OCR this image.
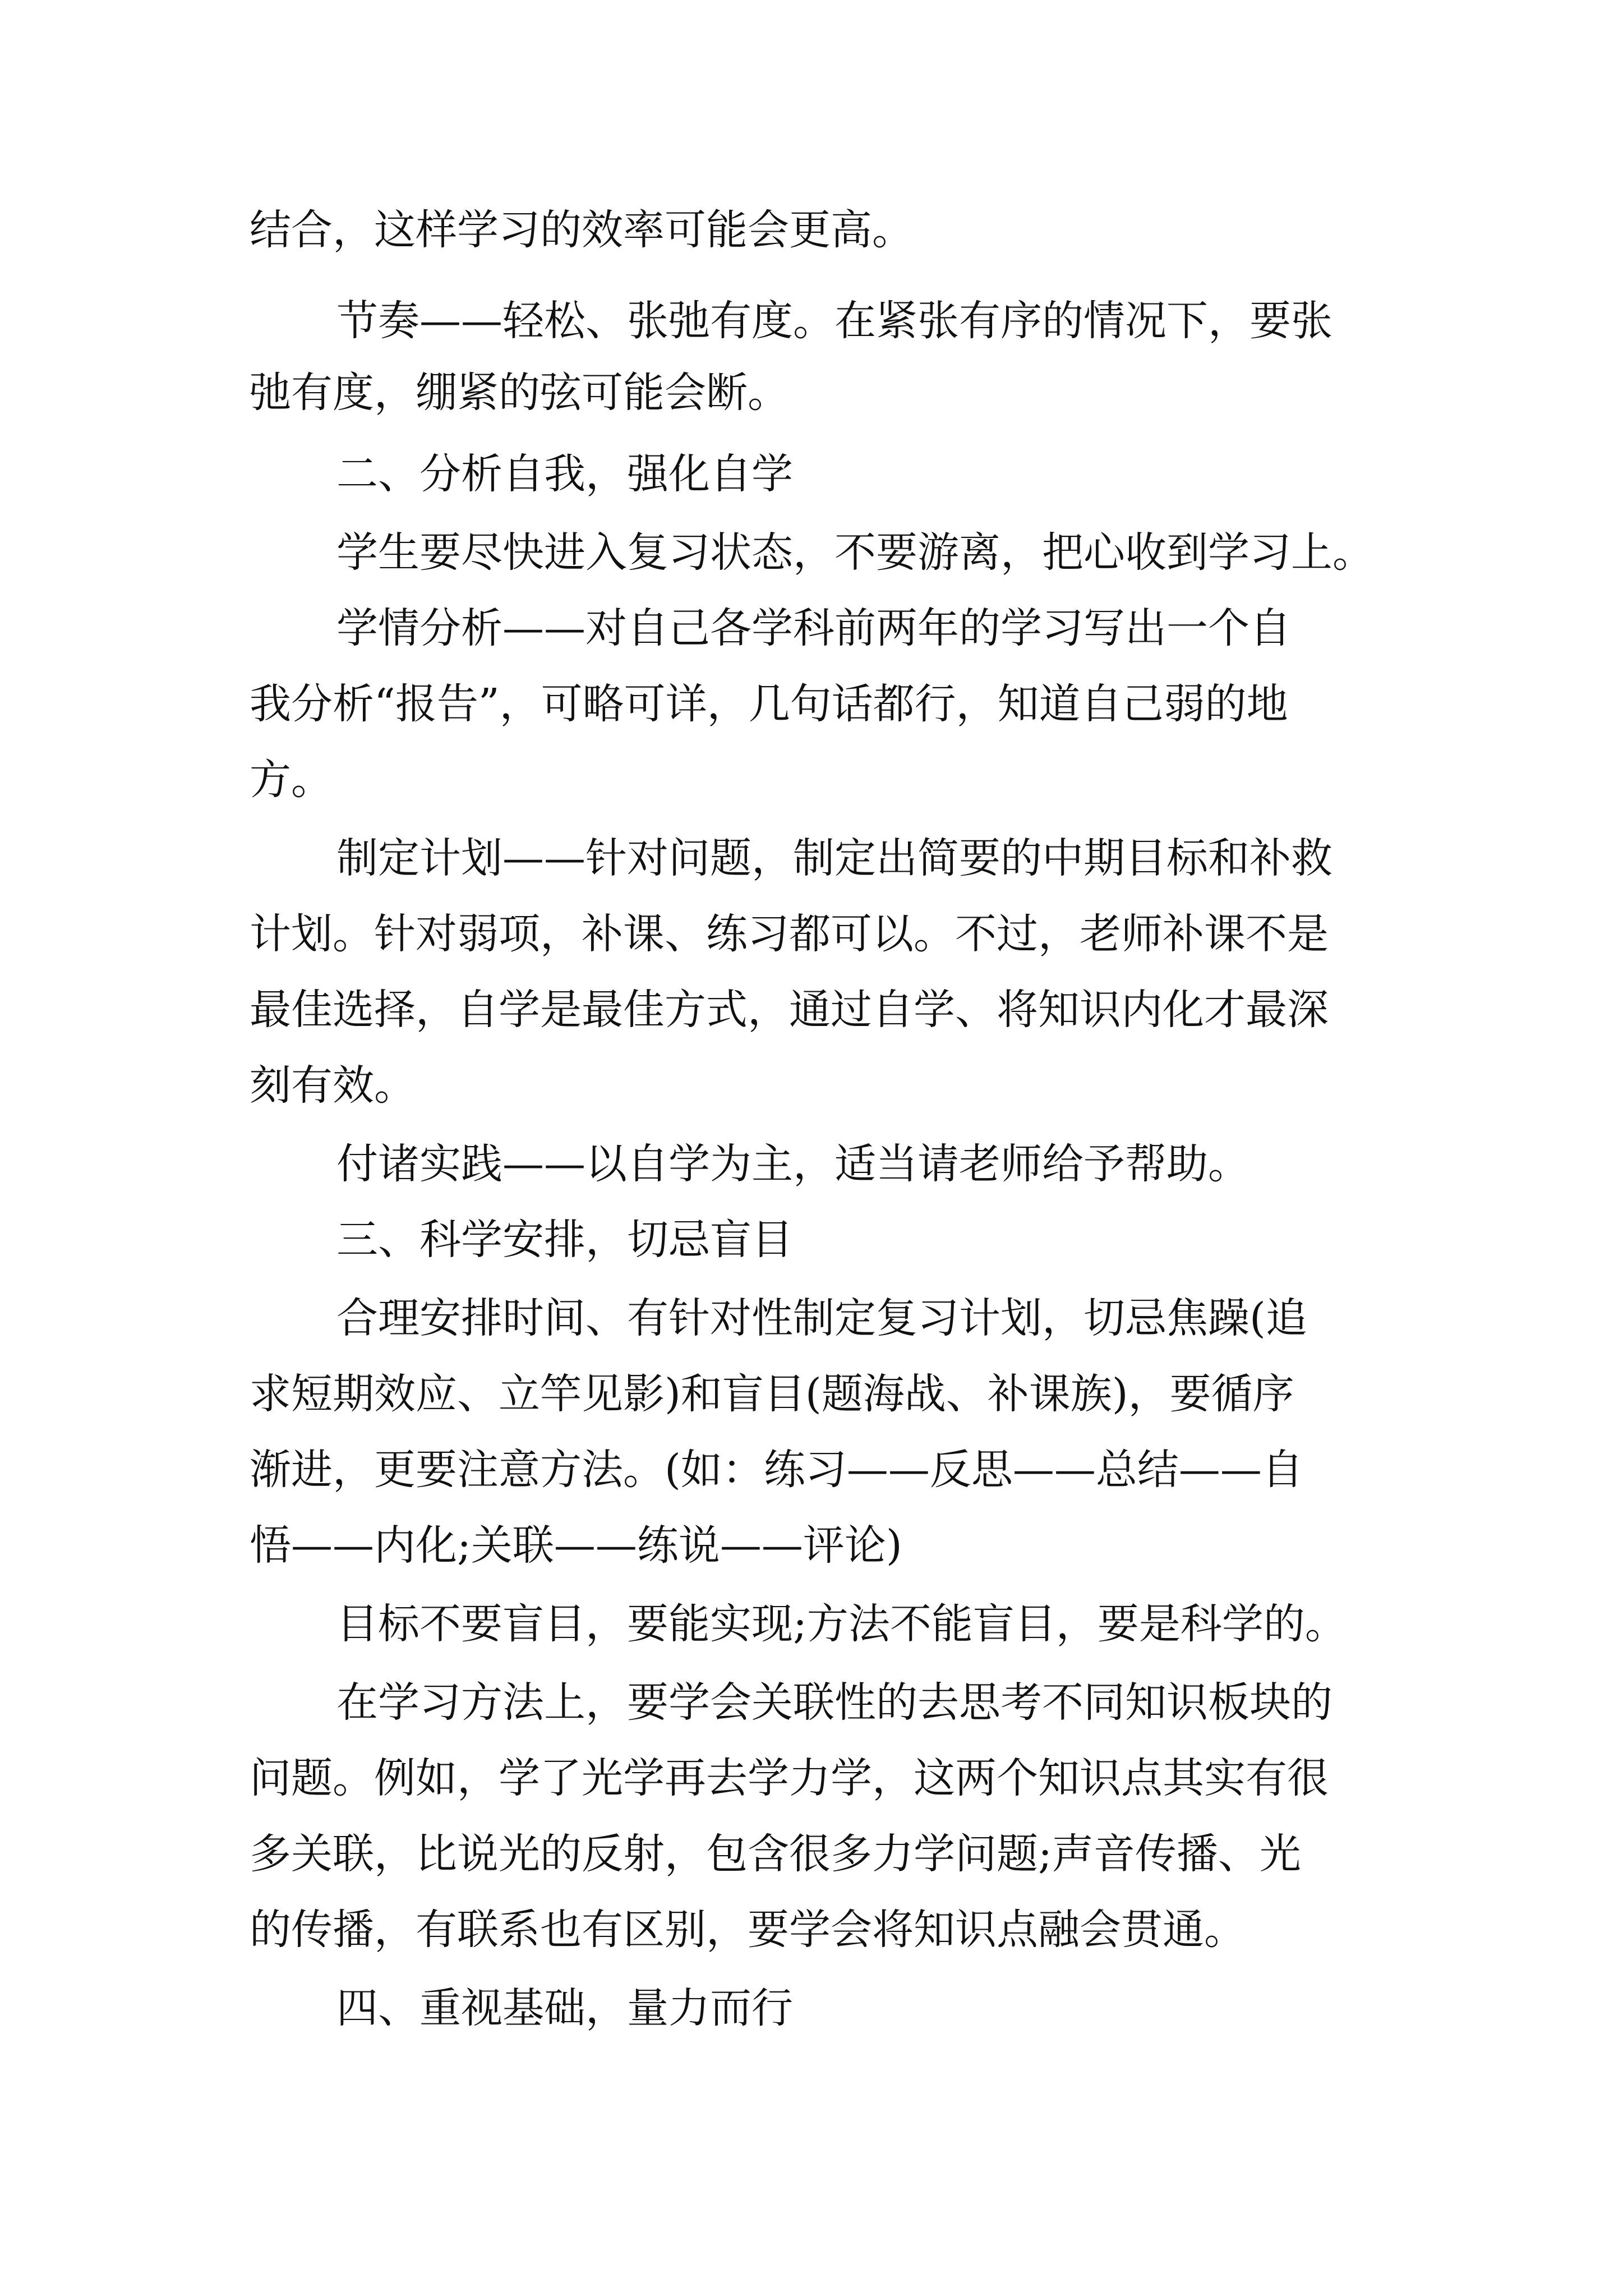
结合，这样学习的效率可能会更高。
节奏——轻松、张弛有度。在紧张有序的情况下，要张
弛有度，绷紧的弦可能会断。
二、分析自我，强化自学
学生要尽快进入复习状态，不要游离，把心收到学习上。
学情分析——对自己各学科前两年的学习写出一个自
我分析“报告”，可略可详，几句话都行，知道自己弱的地
方。
制定计划——针对问题，制定出简要的中期目标和补救
计划。针对弱项，补课、练习都可以。不过，老师补课不是
最佳选择，自学是最佳方式，通过自学、将知识内化才最深
刻有效。
付诸实践——以自学为主，适当请老师给予帮助。
三、科学安排，切忌盲目
合理安排时间、有针对性制定复习计划，切忌焦躁(追
求短期效应、立竿见影)和盲目(题海战、补课族)，要循序
渐进，更要注意方法。(如：练习——反思——总结——自
悟——内化;关联——练说——评论)
目标不要盲目，要能实现;方法不能盲目，要是科学的。
在学习方法上，要学会关联性的去思考不同知识板块的
问题。例如，学了光学再去学力学，这两个知识点其实有很
多关联，比说光的反射，包含很多力学问题;声音传播、光
的传播，有联系也有区别，要学会将知识点融会贯通。
四、重视基础，量力而行
